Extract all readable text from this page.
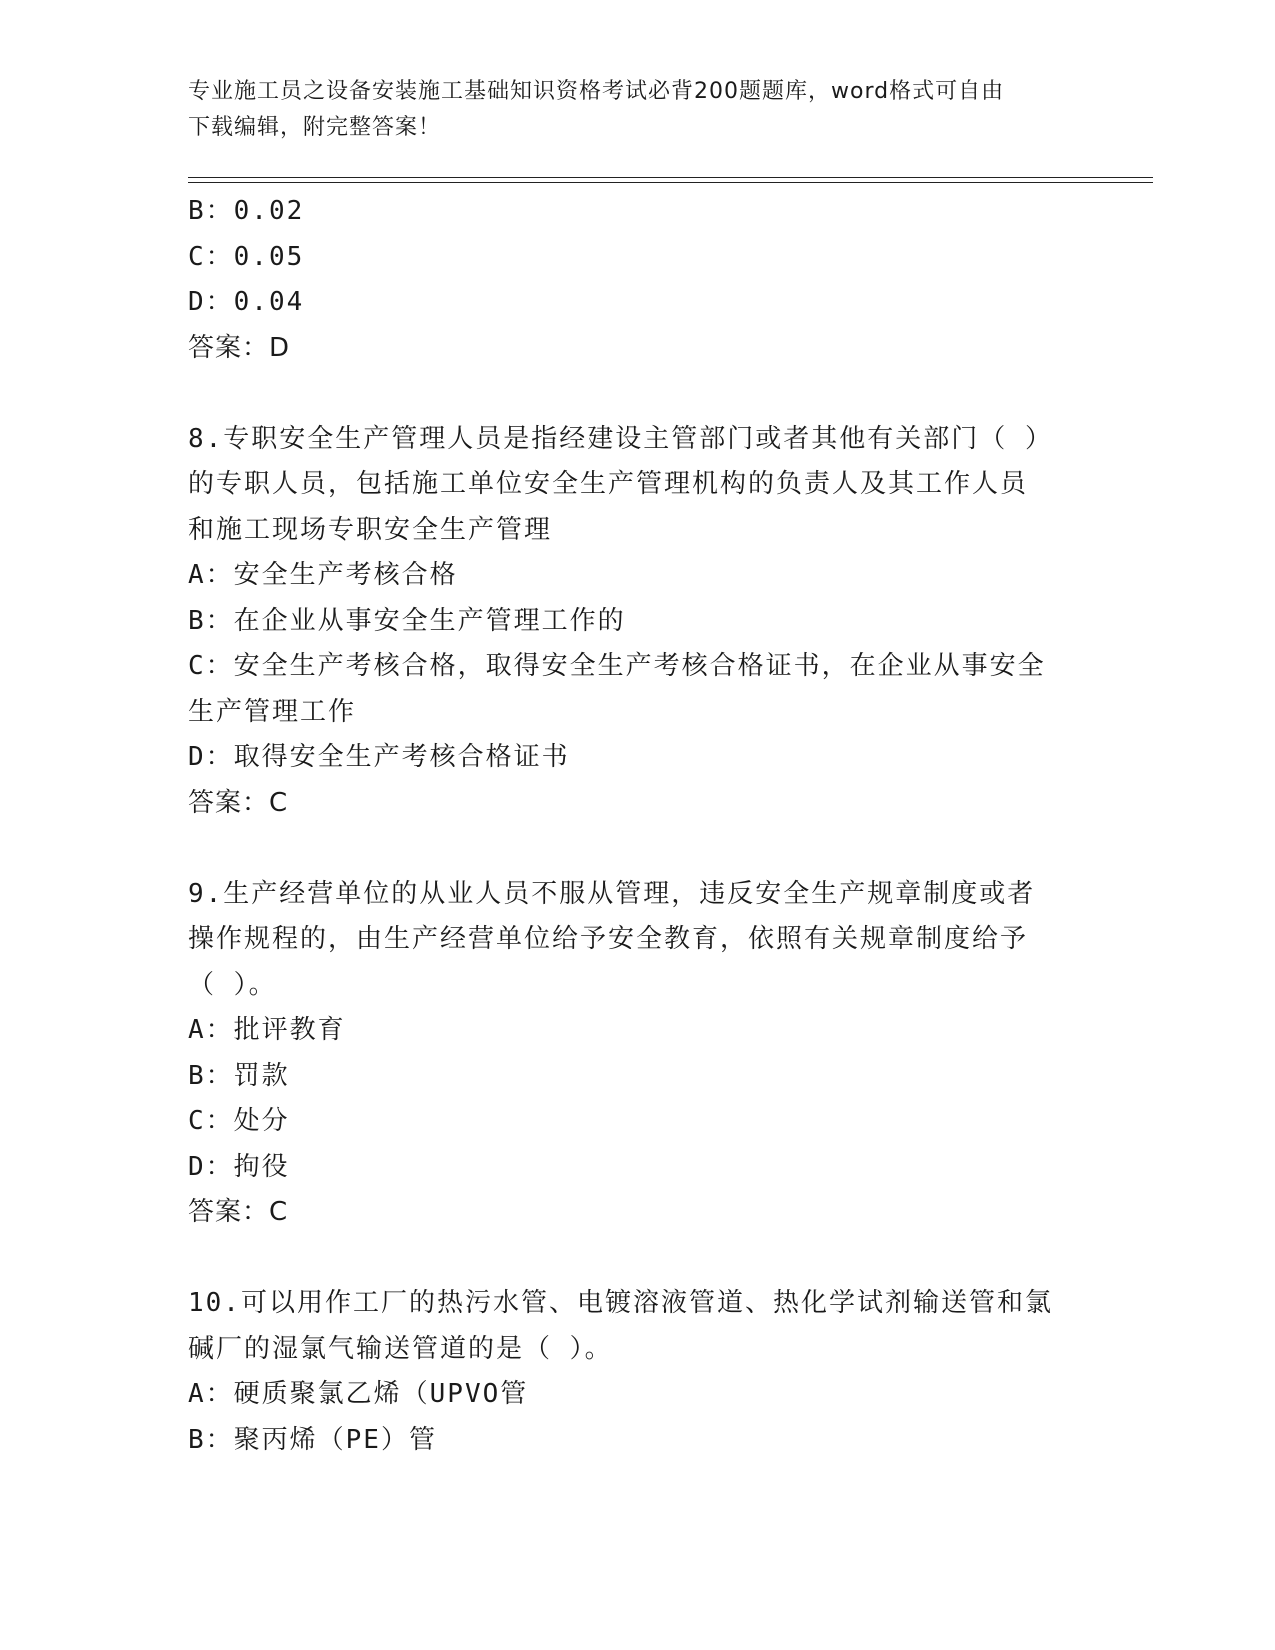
专业施工员之设备安装施工基础知识资格考试必背200题题库，word格式可自由
下载编辑，附完整答案！
B：0.02
C：0.05
D：0.04
答案：D
8.专职安全生产管理人员是指经建设主管部门或者其他有关部门（ ）
的专职人员，包括施工单位安全生产管理机构的负责人及其工作人员
和施工现场专职安全生产管理
A：安全生产考核合格
B：在企业从事安全生产管理工作的
C：安全生产考核合格，取得安全生产考核合格证书，在企业从事安全
生产管理工作
D：取得安全生产考核合格证书
答案：C
9.生产经营单位的从业人员不服从管理，违反安全生产规章制度或者
操作规程的，由生产经营单位给予安全教育，依照有关规章制度给予
（ ）。
A：批评教育
B：罚款
C：处分
D：拘役
答案：C
10.可以用作工厂的热污水管、电镀溶液管道、热化学试剂输送管和氯
碱厂的湿氯气输送管道的是（ ）。
A：硬质聚氯乙烯（UPVO管
B：聚丙烯（PE）管
